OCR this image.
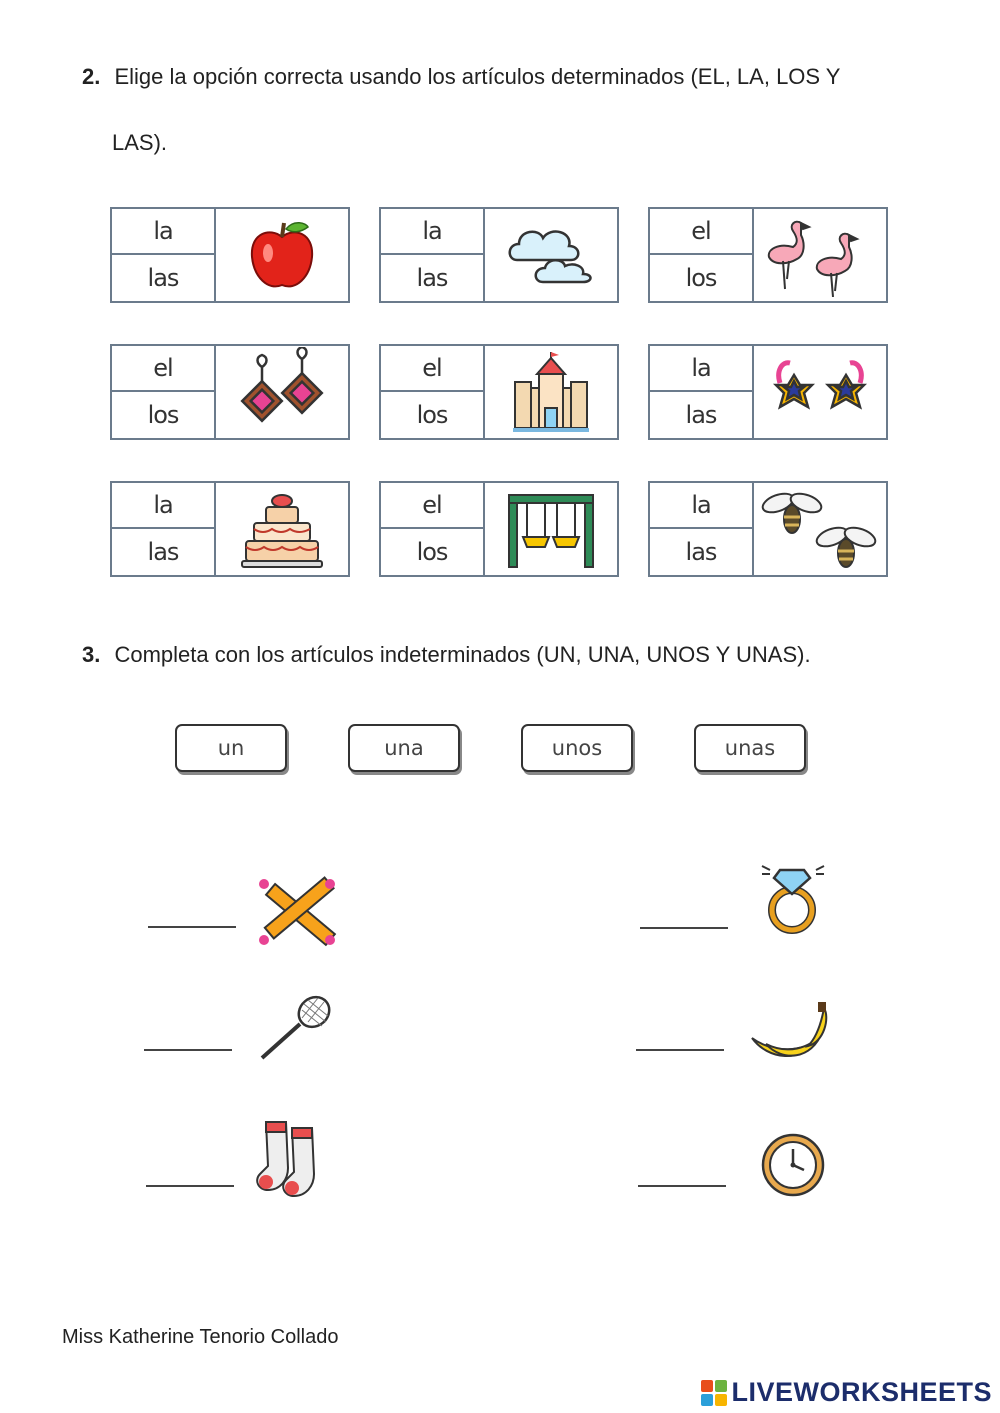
2. Elige la opción correcta usando los artículos determinados (EL, LA, LOS Y
LAS).
la
las
la
las
el
los
el
los
el
los
la
las
la
las
el
los
la
las
3. Completa con los artículos indeterminados (UN, UNA, UNOS Y UNAS).
un	una	unos	unas
Miss Katherine Tenorio Collado
LIVEWORKSHEETS
